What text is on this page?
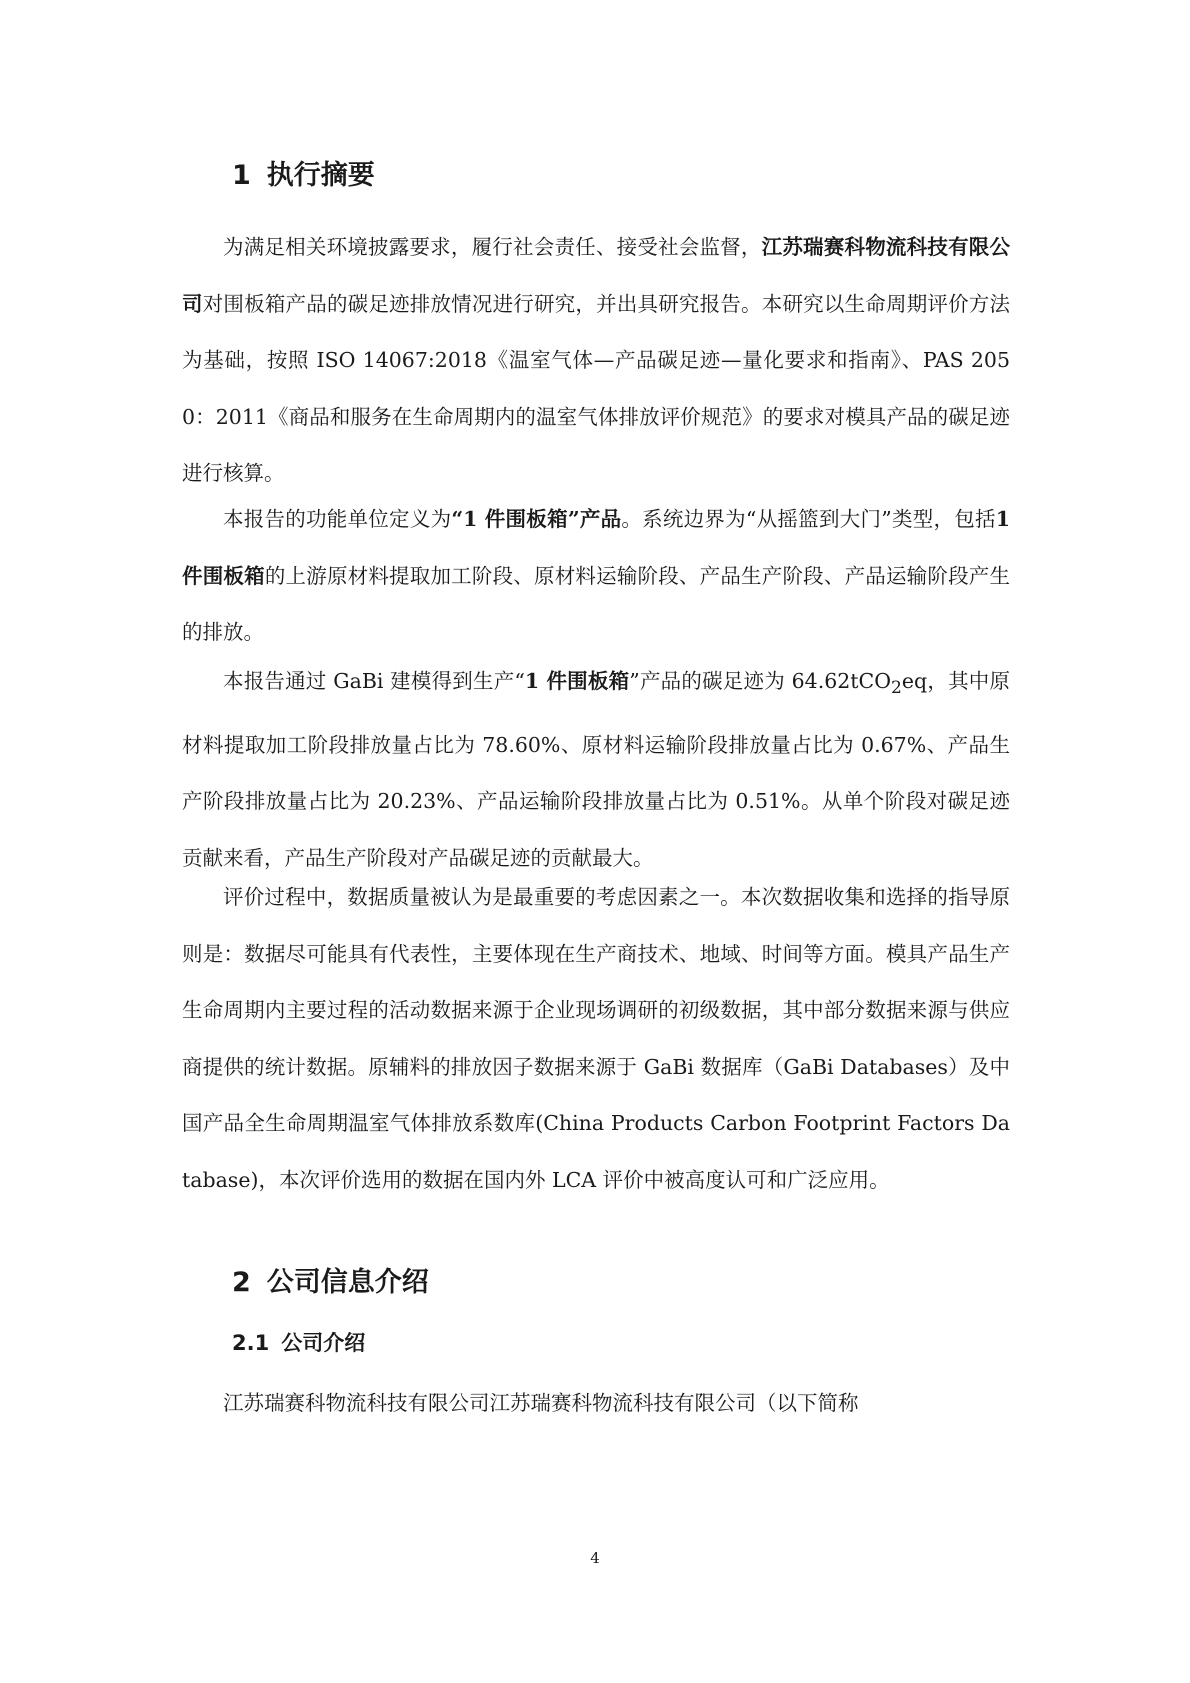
1 执行摘要

为满足相关环境披露要求，履行社会责任、接受社会监督，江苏瑞赛科物流科技有限公司对围板箱产品的碳足迹排放情况进行研究，并出具研究报告。本研究以生命周期评价方法为基础，按照 ISO 14067:2018《温室气体—产品碳足迹—量化要求和指南》、PAS 2050：2011《商品和服务在生命周期内的温室气体排放评价规范》的要求对模具产品的碳足迹进行核算。

本报告的功能单位定义为“1 件围板箱”产品。系统边界为“从摇篮到大门”类型，包括1 件围板箱的上游原材料提取加工阶段、原材料运输阶段、产品生产阶段、产品运输阶段产生的排放。

本报告通过 GaBi 建模得到生产“1 件围板箱”产品的碳足迹为 64.62tCO$_2$eq，其中原材料提取加工阶段排放量占比为 78.60%、原材料运输阶段排放量占比为 0.67%、产品生产阶段排放量占比为 20.23%、产品运输阶段排放量占比为 0.51%。从单个阶段对碳足迹贡献来看，产品生产阶段对产品碳足迹的贡献最大。

评价过程中，数据质量被认为是最重要的考虑因素之一。本次数据收集和选择的指导原则是：数据尽可能具有代表性，主要体现在生产商技术、地域、时间等方面。模具产品生产生命周期内主要过程的活动数据来源于企业现场调研的初级数据，其中部分数据来源与供应商提供的统计数据。原辅料的排放因子数据来源于 GaBi 数据库（GaBi Databases）及中国产品全生命周期温室气体排放系数库(China Products Carbon Footprint Factors Database)，本次评价选用的数据在国内外 LCA 评价中被高度认可和广泛应用。

2 公司信息介绍
2.1 公司介绍

江苏瑞赛科物流科技有限公司江苏瑞赛科物流科技有限公司（以下简称

4
